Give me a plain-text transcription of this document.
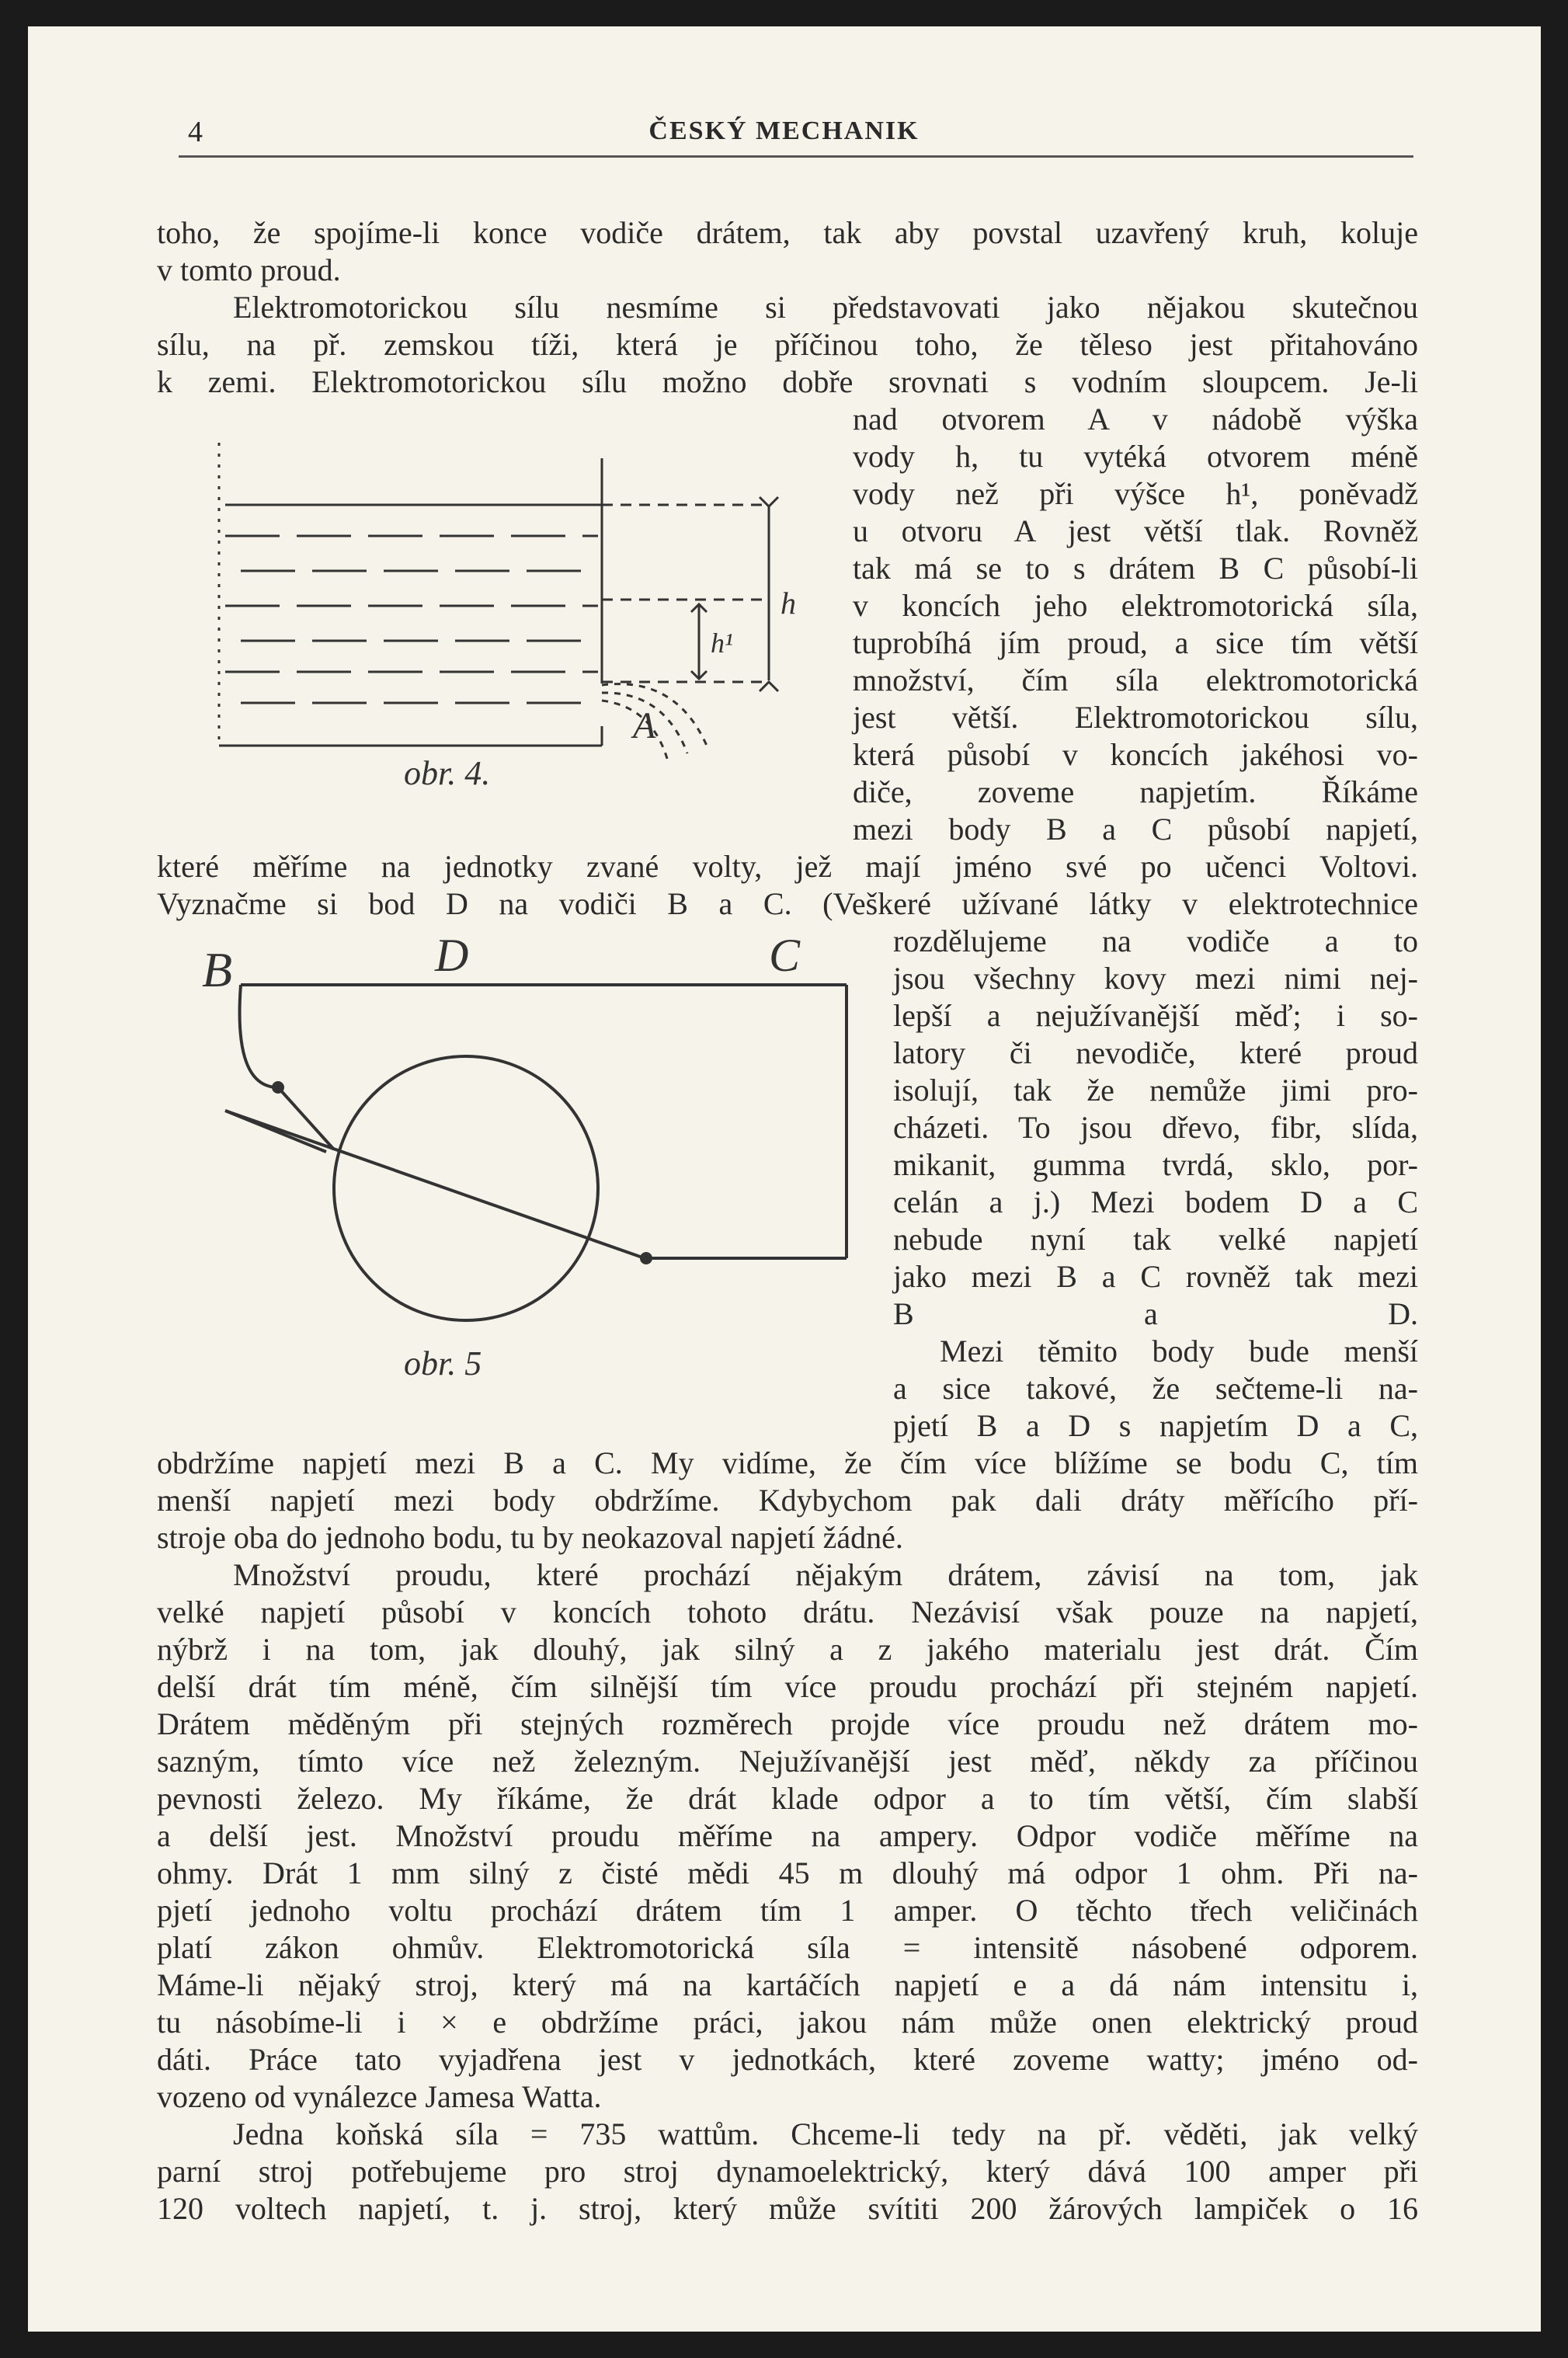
4	ČESKÝ MECHANIK
toho, že spojíme-li konce vodiče drátem, tak aby povstal uzavřený kruh, koluje
v tomto proud.
Elektromotorickou sílu nesmíme si představovati jako nějakou skutečnou
sílu, na př. zemskou tíži, která je příčinou toho, že těleso jest přitahováno
k zemi. Elektromotorickou sílu možno dobře srovnati s vodním sloupcem. Je-li
nad otvorem A v nádobě výška
vody h, tu vytéká otvorem méně
vody než při výšce h¹, poněvadž
u otvoru A jest větší tlak. Rovněž
tak má se to s drátem B C působí-li
v koncích jeho elektromotorická síla,
tuprobíhá jím proud, a sice tím větší
množství, čím síla elektromotorická
jest větší. Elektromotorickou sílu,
která působí v koncích jakéhosi vo-
diče, zoveme napjetím. Říkáme
mezi body B a C působí napjetí,
které měříme na jednotky zvané volty, jež mají jméno své po učenci Voltovi.
Vyznačme si bod D na vodiči B a C. (Veškeré užívané látky v elektrotechnice
rozdělujeme na vodiče a to
jsou všechny kovy mezi nimi nej-
lepší a nejužívanější měď; i so-
latory či nevodiče, které proud
isolují, tak že nemůže jimi pro-
cházeti. To jsou dřevo, fibr, slída,
mikanit, gumma tvrdá, sklo, por-
celán a j.) Mezi bodem D a C
nebude nyní tak velké napjetí
jako mezi B a C rovněž tak mezi
B a D.
Mezi těmito body bude menší
a sice takové, že sečteme-li na-
pjetí B a D s napjetím D a C,
obdržíme napjetí mezi B a C. My vidíme, že čím více blížíme se bodu C, tím
menší napjetí mezi body obdržíme. Kdybychom pak dali dráty měřícího pří-
stroje oba do jednoho bodu, tu by neokazoval napjetí žádné.
Množství proudu, které prochází nějakým drátem, závisí na tom, jak
velké napjetí působí v koncích tohoto drátu. Nezávisí však pouze na napjetí,
nýbrž i na tom, jak dlouhý, jak silný a z jakého materialu jest drát. Čím
delší drát tím méně, čím silnější tím více proudu prochází při stejném napjetí.
Drátem měděným při stejných rozměrech projde více proudu než drátem mo-
sazným, tímto více než železným. Nejužívanější jest měď, někdy za příčinou
pevnosti železo. My říkáme, že drát klade odpor a to tím větší, čím slabší
a delší jest. Množství proudu měříme na ampery. Odpor vodiče měříme na
ohmy. Drát 1 mm silný z čisté mědi 45 m dlouhý má odpor 1 ohm. Při na-
pjetí jednoho voltu prochází drátem tím 1 amper. O těchto třech veličinách
platí zákon ohmův. Elektromotorická síla = intensitě násobené odporem.
Máme-li nějaký stroj, který má na kartáčích napjetí e a dá nám intensitu i,
tu násobíme-li i × e obdržíme práci, jakou nám může onen elektrický proud
dáti. Práce tato vyjadřena jest v jednotkách, které zoveme watty; jméno od-
vozeno od vynálezce Jamesa Watta.
Jedna koňská síla = 735 wattům. Chceme-li tedy na př. věděti, jak velký
parní stroj potřebujeme pro stroj dynamoelektrický, který dává 100 amper při
120 voltech napjetí, t. j. stroj, který může svítiti 200 žárových lampiček o 16
A
h
h¹
obr. 4.
B	D	C
obr. 5
